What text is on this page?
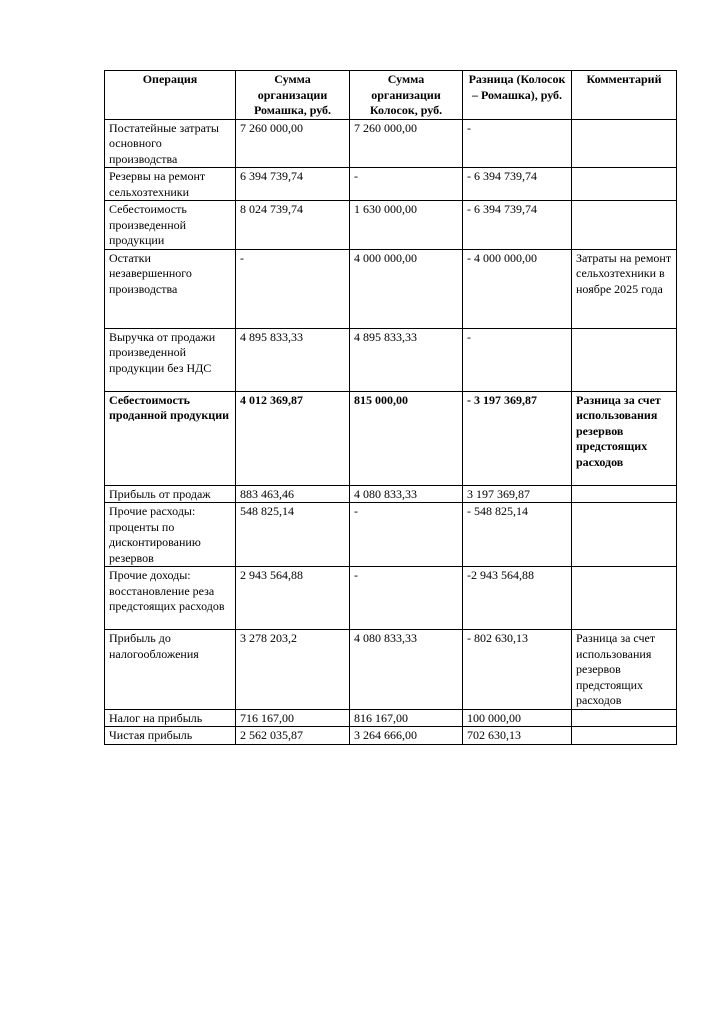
Операция	Сумма организации Ромашка, руб.	Сумма организации Колосок, руб.	Разница (Колосок – Ромашка), руб.	Комментарий
Постатейные затраты основного производства	7 260 000,00	7 260 000,00	-	
Резервы на ремонт сельхозтехники	6 394 739,74	-	- 6 394 739,74	
Себестоимость произведенной продукции	8 024 739,74	1 630 000,00	- 6 394 739,74	
Остатки незавершенного производства	-	4 000 000,00	- 4 000 000,00	Затраты на ремонт сельхозтехники в ноябре 2025 года
Выручка от продажи произведенной продукции без НДС	4 895 833,33	4 895 833,33	-	
Себестоимость проданной продукции	4 012 369,87	815 000,00	- 3 197 369,87	Разница за счет использования резервов предстоящих расходов
Прибыль от продаж	883 463,46	4 080 833,33	3 197 369,87	
Прочие расходы: проценты по дисконтированию резервов	548 825,14	-	- 548 825,14	
Прочие доходы: восстановление реза предстоящих расходов	2 943 564,88	-	-2 943 564,88	
Прибыль до налогообложения	3 278 203,2	4 080 833,33	- 802 630,13	Разница за счет использования резервов предстоящих расходов
Налог на прибыль	716 167,00	816 167,00	100 000,00	
Чистая прибыль	2 562 035,87	3 264 666,00	702 630,13	
